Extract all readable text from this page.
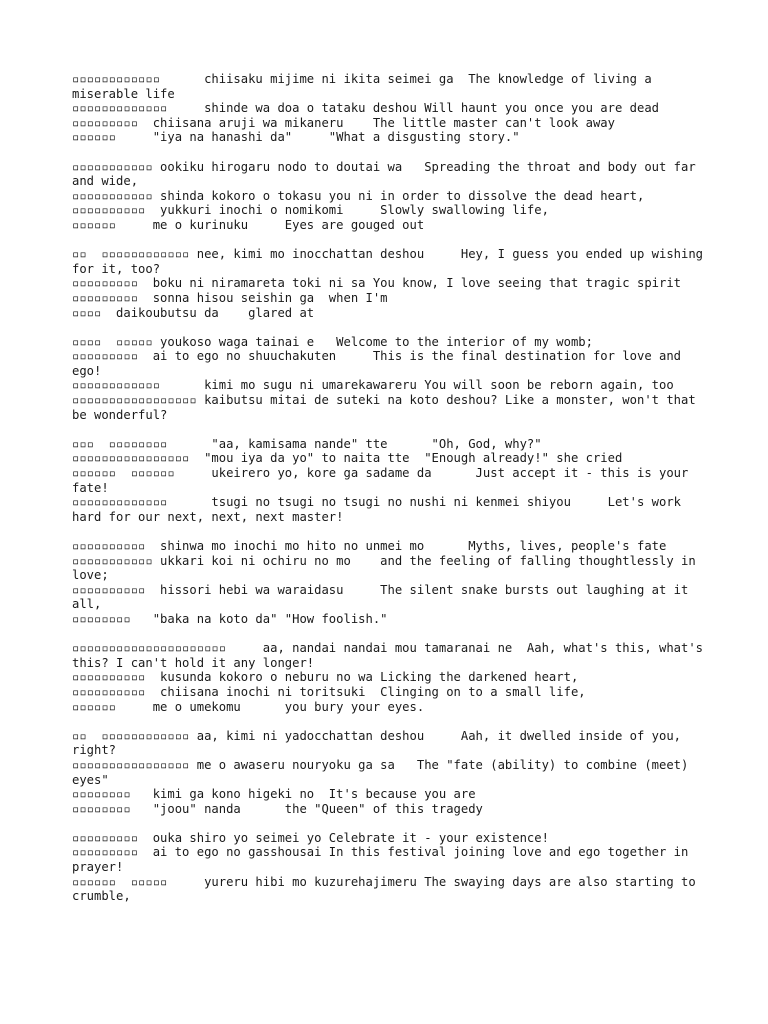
▫▫▫▫▫▫▫▫▫▫▫▫      chiisaku mijime ni ikita seimei ga  The knowledge of living a miserable life
▫▫▫▫▫▫▫▫▫▫▫▫▫     shinde wa doa o tataku deshou Will haunt you once you are dead
▫▫▫▫▫▫▫▫▫  chiisana aruji wa mikaneru    The little master can't look away
▫▫▫▫▫▫     "iya na hanashi da"     "What a disgusting story."
▫▫▫▫▫▫▫▫▫▫▫ ookiku hirogaru nodo to doutai wa   Spreading the throat and body out far and wide,
▫▫▫▫▫▫▫▫▫▫▫ shinda kokoro o tokasu you ni in order to dissolve the dead heart,
▫▫▫▫▫▫▫▫▫▫  yukkuri inochi o nomikomi     Slowly swallowing life,
▫▫▫▫▫▫     me o kurinuku     Eyes are gouged out
▫▫  ▫▫▫▫▫▫▫▫▫▫▫▫ nee, kimi mo inocchattan deshou     Hey, I guess you ended up wishing for it, too?
▫▫▫▫▫▫▫▫▫  boku ni niramareta toki ni sa You know, I love seeing that tragic spirit
▫▫▫▫▫▫▫▫▫  sonna hisou seishin ga  when I'm
▫▫▫▫  daikoubutsu da    glared at
▫▫▫▫  ▫▫▫▫▫ youkoso waga tainai e   Welcome to the interior of my womb;
▫▫▫▫▫▫▫▫▫  ai to ego no shuuchakuten     This is the final destination for love and ego!
▫▫▫▫▫▫▫▫▫▫▫▫      kimi mo sugu ni umarekawareru You will soon be reborn again, too
▫▫▫▫▫▫▫▫▫▫▫▫▫▫▫▫▫ kaibutsu mitai de suteki na koto deshou? Like a monster, won't that be wonderful?
▫▫▫  ▫▫▫▫▫▫▫▫      "aa, kamisama nande" tte      "Oh, God, why?"
▫▫▫▫▫▫▫▫▫▫▫▫▫▫▫▫  "mou iya da yo" to naita tte  "Enough already!" she cried
▫▫▫▫▫▫  ▫▫▫▫▫▫     ukeirero yo, kore ga sadame da      Just accept it - this is your fate!
▫▫▫▫▫▫▫▫▫▫▫▫▫      tsugi no tsugi no tsugi no nushi ni kenmei shiyou     Let's work hard for our next, next, next master!
▫▫▫▫▫▫▫▫▫▫  shinwa mo inochi mo hito no unmei mo      Myths, lives, people's fate
▫▫▫▫▫▫▫▫▫▫▫ ukkari koi ni ochiru no mo    and the feeling of falling thoughtlessly in love;
▫▫▫▫▫▫▫▫▫▫  hissori hebi wa waraidasu     The silent snake bursts out laughing at it all,
▫▫▫▫▫▫▫▫   "baka na koto da" "How foolish."
▫▫▫▫▫▫▫▫▫▫▫▫▫▫▫▫▫▫▫▫▫     aa, nandai nandai mou tamaranai ne  Aah, what's this, what's this? I can't hold it any longer!
▫▫▫▫▫▫▫▫▫▫  kusunda kokoro o neburu no wa Licking the darkened heart,
▫▫▫▫▫▫▫▫▫▫  chiisana inochi ni toritsuki  Clinging on to a small life,
▫▫▫▫▫▫     me o umekomu      you bury your eyes.
▫▫  ▫▫▫▫▫▫▫▫▫▫▫▫ aa, kimi ni yadocchattan deshou     Aah, it dwelled inside of you, right?
▫▫▫▫▫▫▫▫▫▫▫▫▫▫▫▫ me o awaseru nouryoku ga sa   The "fate (ability) to combine (meet) eyes"
▫▫▫▫▫▫▫▫   kimi ga kono higeki no  It's because you are
▫▫▫▫▫▫▫▫   "joou" nanda      the "Queen" of this tragedy
▫▫▫▫▫▫▫▫▫  ouka shiro yo seimei yo Celebrate it - your existence!
▫▫▫▫▫▫▫▫▫  ai to ego no gasshousai In this festival joining love and ego together in prayer!
▫▫▫▫▫▫  ▫▫▫▫▫     yureru hibi mo kuzurehajimeru The swaying days are also starting to crumble,
